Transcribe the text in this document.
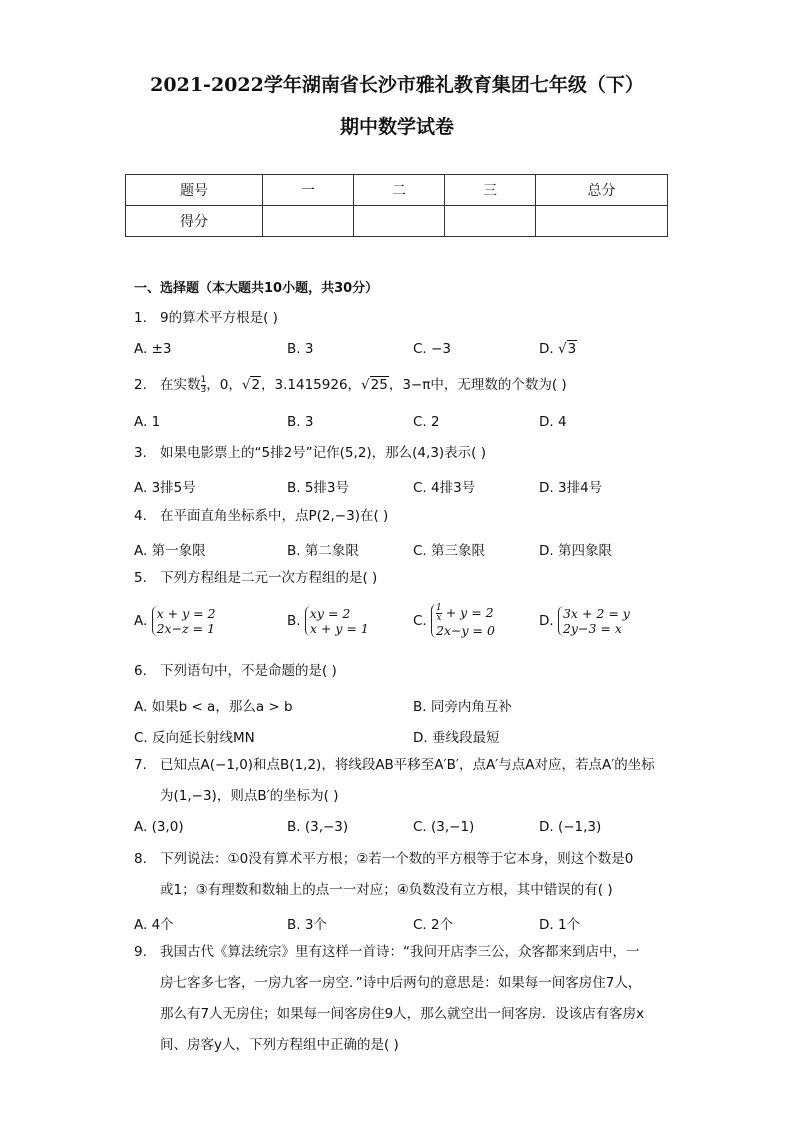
2021-2022学年湖南省长沙市雅礼教育集团七年级（下）
期中数学试卷
题号	一	二	三	总分
得分				
一、选择题（本大题共10小题，共30分）
1. 9的算术平方根是( )
A. ±3	B. 3	C. −3	D. √3
2. 在实数 $\frac{1}{3}$ ，0，√2，3.1415926，√25，3−π中，无理数的个数为( )
A. 1	B. 3	C. 2	D. 4
3. 如果电影票上的“5排2号”记作(5,2)，那么(4,3)表示( )
A. 3排5号	B. 5排3号	C. 4排3号	D. 3排4号
4. 在平面直角坐标系中，点P(2,−3)在( )
A. 第一象限	B. 第二象限	C. 第三象限	D. 第四象限
5. 下列方程组是二元一次方程组的是( )
A. x + y = 2
2x−z = 1	B. xy = 2
x + y = 1	C. $\frac{1}{x} + y = 2$
2x−y = 0
D. 3x + 2 = y
2y−3 = x
6. 下列语句中，不是命题的是( )
A. 如果b < a，那么a > b	B. 同旁内角互补
C. 反向延长射线MN	D. 垂线段最短
7. 已知点A(−1,0)和点B(1,2)，将线段AB平移至A′B′，点A′与点A对应，若点A′的坐标
为(1,−3)，则点B′的坐标为( )
A. (3,0)	B. (3,−3)	C. (3,−1)	D. (−1,3)
8. 下列说法：①0没有算术平方根；②若一个数的平方根等于它本身，则这个数是0
或1；③有理数和数轴上的点一一对应；④负数没有立方根，其中错误的有( )
A. 4个	B. 3个	C. 2个	D. 1个
9. 我国古代《算法统宗》里有这样一首诗：“我问开店李三公，众客都来到店中，一
房七客多七客，一房九客一房空．”诗中后两句的意思是：如果每一间客房住7人，
那么有7人无房住；如果每一间客房住9人，那么就空出一间客房．设该店有客房x
间、房客y人，下列方程组中正确的是( )
